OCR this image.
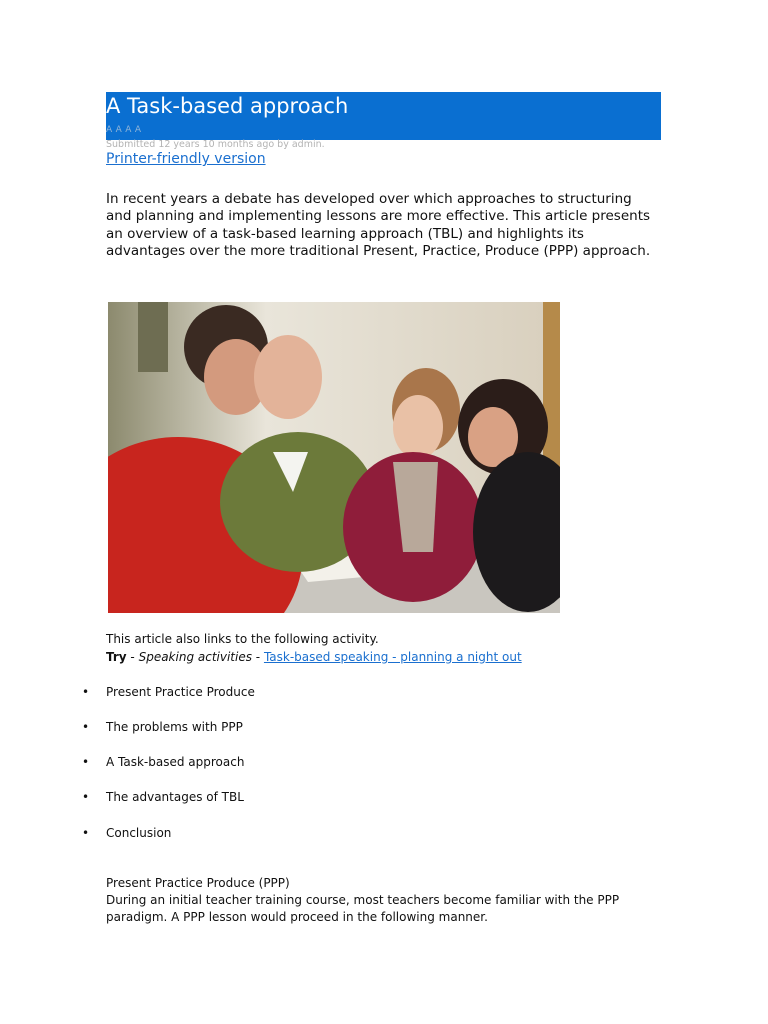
A Task-based approach
A A A A
Submitted 12 years 10 months ago by admin.
Printer-friendly version

In recent years a debate has developed over which approaches to structuring and planning and implementing lessons are more effective. This article presents an overview of a task-based learning approach (TBL) and highlights its advantages over the more traditional Present, Practice, Produce (PPP) approach.

This article also links to the following activity.
Try - Speaking activities - Task-based speaking - planning a night out
• Present Practice Produce
• The problems with PPP
• A Task-based approach
• The advantages of TBL
• Conclusion
Present Practice Produce (PPP)

During an initial teacher training course, most teachers become familiar with the PPP paradigm. A PPP lesson would proceed in the following manner.
